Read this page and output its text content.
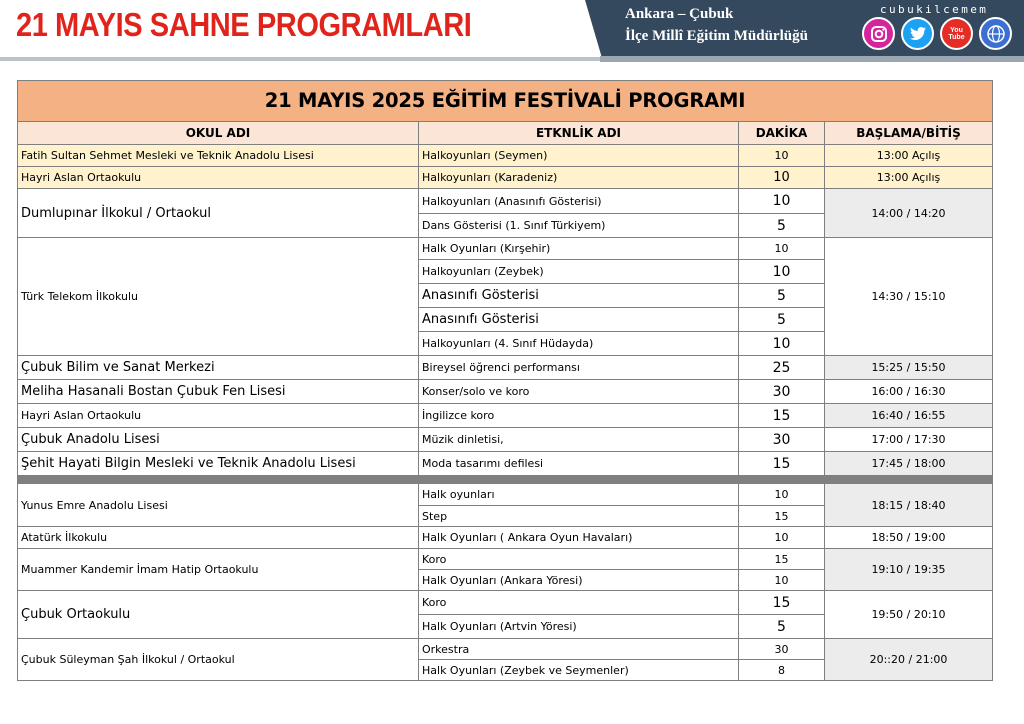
21 MAYIS SAHNE PROGRAMLARI	Ankara – Çubuk
İlçe Millî Eğitim Müdürlüğü
cubukilcemem
You Tube
21 MAYIS 2025 EĞİTİM FESTİVALİ PROGRAMI			
OKUL ADI	ETKNLİK ADI	DAKİKA	BAŞLAMA/BİTİŞ
Fatih Sultan Sehmet Mesleki ve Teknik Anadolu Lisesi	Halkoyunları (Seymen)	10	13:00 Açılış
Hayri Aslan Ortaokulu	Halkoyunları (Karadeniz)	10	13:00 Açılış
Dumlupınar İlkokul / Ortaokul	Halkoyunları (Anasınıfı Gösterisi)	10	14:00 / 14:20
	Dans Gösterisi (1. Sınıf Türkiyem)	5	
Türk Telekom İlkokulu	Halk Oyunları (Kırşehir)	10	14:30 / 15:10
	Halkoyunları (Zeybek)	10	
	Anasınıfı Gösterisi	5	
	Anasınıfı Gösterisi	5	
	Halkoyunları (4. Sınıf Hüdayda)	10	
Çubuk Bilim ve Sanat Merkezi	Bireysel öğrenci performansı	25	15:25 / 15:50
Meliha Hasanali Bostan Çubuk Fen Lisesi	Konser/solo ve koro	30	16:00 / 16:30
Hayri Aslan Ortaokulu	İngilizce koro	15	16:40 / 16:55
Çubuk Anadolu Lisesi	Müzik dinletisi,	30	17:00 / 17:30
Şehit Hayati Bilgin Mesleki ve Teknik Anadolu Lisesi	Moda tasarımı defilesi	15	17:45 / 18:00

Yunus Emre Anadolu Lisesi	Halk oyunları	10	18:15 / 18:40
	Step	15	
Atatürk İlkokulu	Halk Oyunları ( Ankara Oyun Havaları)	10	18:50 / 19:00
Muammer Kandemir İmam Hatip Ortaokulu	Koro	15	19:10 / 19:35
	Halk Oyunları (Ankara Yöresi)	10	
Çubuk Ortaokulu	Koro	15	19:50 / 20:10
	Halk Oyunları (Artvin Yöresi)	5	
Çubuk Süleyman Şah İlkokul / Ortaokul	Orkestra	30	20::20 / 21:00
	Halk Oyunları (Zeybek ve Seymenler)	8	
